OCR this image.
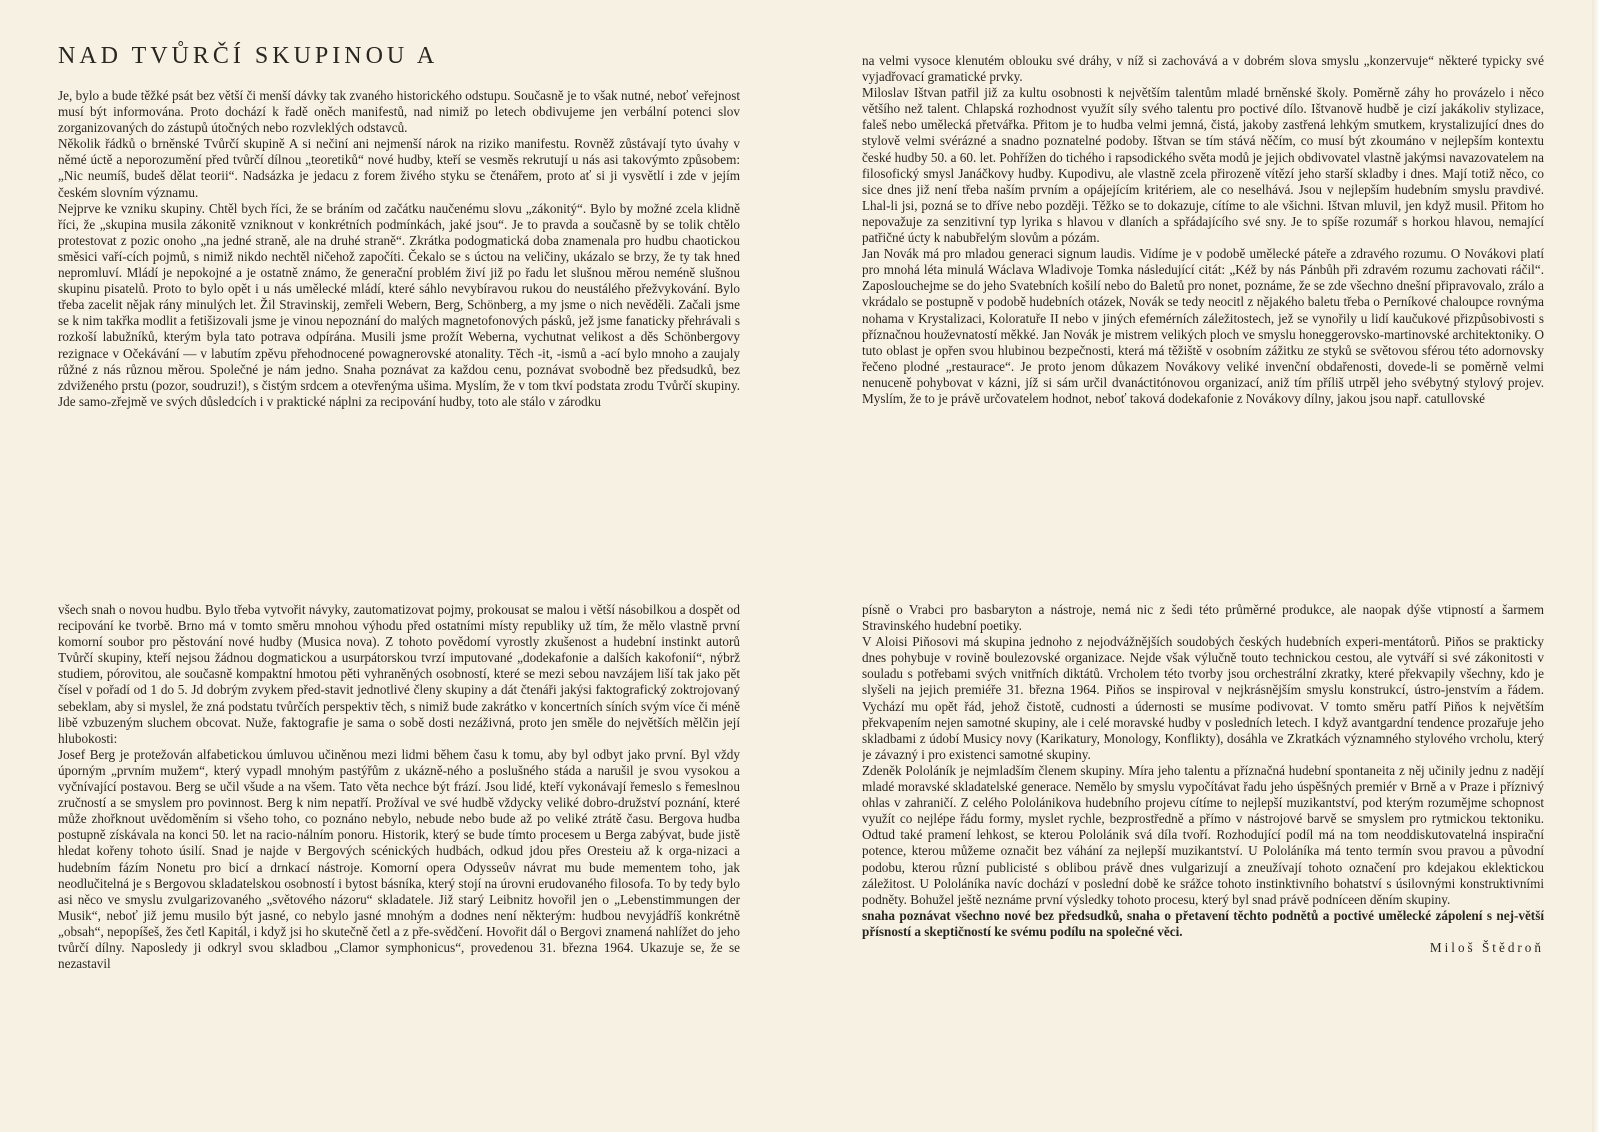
NAD TVŮRČÍ SKUPINOU A

Je, bylo a bude těžké psát bez větší či menší dávky tak zvaného historického odstupu. Současně je to však nutné, neboť veřejnost musí být informována. Proto dochází k řadě oněch manifestů, nad nimiž po letech obdivujeme jen verbální potenci slov zorganizovaných do zástupů útočných nebo rozvleklých odstavců.

Několik řádků o brněnské Tvůrčí skupině A si nečiní ani nejmenší nárok na riziko manifestu. Rovněž zůstávají tyto úvahy v němé úctě a neporozumění před tvůrčí dílnou „teoretiků“ nové hudby, kteří se vesměs rekrutují u nás asi takovýmto způsobem: „Nic neumíš, budeš dělat teorii“. Nadsázka je jedacu z forem živého styku se čtenářem, proto ať si ji vysvětlí i zde v jejím českém slovním významu.

Nejprve ke vzniku skupiny. Chtěl bych říci, že se bráním od začátku naučenému slovu „zákonitý“. Bylo by možné zcela klidně říci, že „skupina musila zákonitě vzniknout v konkrétních podmínkách, jaké jsou“. Je to pravda a současně by se tolik chtělo protestovat z pozic onoho „na jedné straně, ale na druhé straně“. Zkrátka podogmatická doba znamenala pro hudbu chaotickou směsici vaří-cích pojmů, s nimiž nikdo nechtěl ničehož započíti. Čekalo se s úctou na veličiny, ukázalo se brzy, že ty tak hned nepromluví. Mládí je nepokojné a je ostatně známo, že generační problém živí již po řadu let slušnou měrou neméně slušnou skupinu pisatelů. Proto to bylo opět i u nás umělecké mládí, které sáhlo nevybíravou rukou do neustálého přežvykování. Bylo třeba zacelit nějak rány minulých let. Žil Stravinskij, zemřeli Webern, Berg, Schönberg, a my jsme o nich nevěděli. Začali jsme se k nim takřka modlit a fetišizovali jsme je vinou nepoznání do malých magnetofonových pásků, jež jsme fanaticky přehrávali s rozkoší labužníků, kterým byla tato potrava odpírána. Musili jsme prožít Weberna, vychutnat velikost a děs Schönbergovy rezignace v Očekávání — v labutím zpěvu přehodnocené powagnerovské atonality. Těch -it, -ismů a -ací bylo mnoho a zaujaly růžné z nás různou měrou. Společné je nám jedno. Snaha poznávat za každou cenu, poznávat svobodně bez předsudků, bez zdviženého prstu (pozor, soudruzi!), s čistým srdcem a otevřenýma ušima. Myslím, že v tom tkví podstata zrodu Tvůrčí skupiny. Jde samo-zřejmě ve svých důsledcích i v praktické náplni za recipování hudby, toto ale stálo v zárodku

na velmi vysoce klenutém oblouku své dráhy, v níž si zachovává a v dobrém slova smyslu „konzervuje“ některé typicky své vyjadřovací gramatické prvky.

Miloslav Ištvan patřil již za kultu osobnosti k největším talentům mladé brněnské školy. Poměrně záhy ho provázelo i něco většího než talent. Chlapská rozhodnost využít síly svého talentu pro poctivé dílo. Ištvanově hudbě je cizí jakákoliv stylizace, faleš nebo umělecká přetvářka. Přitom je to hudba velmi jemná, čistá, jakoby zastřená lehkým smutkem, krystalizující dnes do stylově velmi svérázné a snadno poznatelné podoby. Ištvan se tím stává něčím, co musí být zkoumáno v nejlepším kontextu české hudby 50. a 60. let. Pohřížen do tichého i rapsodického světa modů je jejich obdivovatel vlastně jakýmsi navazovatelem na filosofický smysl Janáčkovy hudby. Kupodivu, ale vlastně zcela přirozeně vítězí jeho starší skladby i dnes. Mají totiž něco, co sice dnes již není třeba naším prvním a opájejícím kritériem, ale co neselhává. Jsou v nejlepším hudebním smyslu pravdivé. Lhal-li jsi, pozná se to dříve nebo později. Těžko se to dokazuje, cítíme to ale všichni. Ištvan mluvil, jen když musil. Přitom ho nepovažuje za senzitivní typ lyrika s hlavou v dlaních a spřádajícího své sny. Je to spíše rozumář s horkou hlavou, nemající patřičné úcty k nabubřelým slovům a pózám.

Jan Novák má pro mladou generaci signum laudis. Vidíme je v podobě umělecké páteře a zdravého rozumu. O Novákovi platí pro mnohá léta minulá Wáclava Wladivoje Tomka následující citát: „Kéž by nás Pánbůh při zdravém rozumu zachovati ráčil“. Zaposlouchejme se do jeho Svatebních košilí nebo do Baletů pro nonet, poznáme, že se zde všechno dnešní připravovalo, zrálo a vkrádalo se postupně v podobě hudebních otázek, Novák se tedy neocitl z nějakého baletu třeba o Perníkové chaloupce rovnýma nohama v Krystalizaci, Koloratuře II nebo v jiných efemérních záležitostech, jež se vynořily u lidí kaučukové přizpůsobivosti s příznačnou houževnatostí měkké. Jan Novák je mistrem velikých ploch ve smyslu honeggerovsko-martinovské architektoniky. O tuto oblast je opřen svou hlubinou bezpečnosti, která má těžiště v osobním zážitku ze styků se světovou sférou této adornovsky řečeno plodné „restaurace“. Je proto jenom důkazem Novákovy veliké invenční obdařenosti, dovede-li se poměrně velmi nenuceně pohybovat v kázni, jíž si sám určil dvanáctitónovou organizací, aniž tím příliš utrpěl jeho svébytný stylový projev. Myslím, že to je právě určovatelem hodnot, neboť taková dodekafonie z Novákovy dílny, jakou jsou např. catullovské

všech snah o novou hudbu. Bylo třeba vytvořit návyky, zautomatizovat pojmy, prokousat se malou i větší násobilkou a dospět od recipování ke tvorbě. Brno má v tomto směru mnohou výhodu před ostatními místy republiky už tím, že mělo vlastně první komorní soubor pro pěstování nové hudby (Musica nova). Z tohoto povědomí vyrostly zkušenost a hudební instinkt autorů Tvůrčí skupiny, kteří nejsou žádnou dogmatickou a usurpátorskou tvrzí imputované „dodekafonie a dalších kakofonií“, nýbrž studiem, pórovitou, ale současně kompaktní hmotou pěti vyhraněných osobností, které se mezi sebou navzájem liší tak jako pět čísel v pořadí od 1 do 5. Jd dobrým zvykem před-stavit jednotlivé členy skupiny a dát čtenáři jakýsi faktografický zoktrojovaný sebeklam, aby si myslel, že zná podstatu tvůrčích perspektiv těch, s nimiž bude zakrátko v koncertních síních svým více či méně libě vzbuzeným sluchem obcovat. Nuže, faktografie je sama o sobě dosti nezáživná, proto jen směle do největších mělčin její hlubokosti:

Josef Berg je protežován alfabetickou úmluvou učiněnou mezi lidmi během času k tomu, aby byl odbyt jako první. Byl vždy úporným „prvním mužem“, který vypadl mnohým pastýřům z ukázně-ného a poslušného stáda a narušil je svou vysokou a vyčnívající postavou. Berg se učil všude a na všem. Tato věta nechce být frází. Jsou lidé, kteří vykonávají řemeslo s řemeslnou zručností a se smyslem pro povinnost. Berg k nim nepatří. Prožíval ve své hudbě vždycky veliké dobro-družství poznání, které může zhořknout uvědoměním si všeho toho, co poznáno nebylo, nebude nebo bude až po veliké ztrátě času. Bergova hudba postupně získávala na konci 50. let na racio-nálním ponoru. Historik, který se bude tímto procesem u Berga zabývat, bude jistě hledat kořeny tohoto úsilí. Snad je najde v Bergových scénických hudbách, odkud jdou přes Oresteiu až k orga-nizaci a hudebním fázím Nonetu pro bicí a drnkací nástroje. Komorní opera Odysseův návrat mu bude mementem toho, jak neodlučitelná je s Bergovou skladatelskou osobností i bytost básníka, který stojí na úrovni erudovaného filosofa. To by tedy bylo asi něco ve smyslu zvulgarizovaného „světového názoru“ skladatele. Již starý Leibnitz hovořil jen o „Lebenstimmungen der Musik“, neboť již jemu musilo být jasné, co nebylo jasné mnohým a dodnes není některým: hudbou nevyjádříš konkrétně „obsah“, nepopíšeš, žes četl Kapitál, i když jsi ho skutečně četl a z pře-svědčení. Hovořit dál o Bergovi znamená nahlížet do jeho tvůrčí dílny. Naposledy ji odkryl svou skladbou „Clamor symphonicus“, provedenou 31. března 1964. Ukazuje se, že se nezastavil

písně o Vrabci pro basbaryton a nástroje, nemá nic z šedi této průměrné produkce, ale naopak dýše vtipností a šarmem Stravinského hudební poetiky.

V Aloisi Piňosovi má skupina jednoho z nejodvážnějších soudobých českých hudebních experi-mentátorů. Piňos se prakticky dnes pohybuje v rovině boulezovské organizace. Nejde však výlučně touto technickou cestou, ale vytváří si své zákonitosti v souladu s potřebami svých vnitřních diktátů. Vrcholem této tvorby jsou orchestrální zkratky, které překvapily všechny, kdo je slyšeli na jejich premiéře 31. března 1964. Piňos se inspiroval v nejkrásnějším smyslu konstrukcí, ústro-jenstvím a řádem. Vychází mu opět řád, jehož čistotě, cudnosti a údernosti se musíme podivovat. V tomto směru patří Piňos k největším překvapením nejen samotné skupiny, ale i celé moravské hudby v posledních letech. I když avantgardní tendence prozařuje jeho skladbami z údobí Musicy novy (Karikatury, Monology, Konflikty), dosáhla ve Zkratkách významného stylového vrcholu, který je závazný i pro existenci samotné skupiny.

Zdeněk Pololáník je nejmladším členem skupiny. Míra jeho talentu a příznačná hudební spontaneita z něj učinily jednu z nadějí mladé moravské skladatelské generace. Nemělo by smyslu vypočítávat řadu jeho úspěšných premiér v Brně a v Praze i příznivý ohlas v zahraničí. Z celého Pololánikova hudebního projevu cítíme to nejlepší muzikantství, pod kterým rozumějme schopnost využít co nejlépe řádu formy, myslet rychle, bezprostředně a přímo v nástrojové barvě se smyslem pro rytmickou tektoniku. Odtud také pramení lehkost, se kterou Pololánik svá díla tvoří. Rozhodující podíl má na tom neoddiskutovatelná inspirační potence, kterou můžeme označit bez váhání za nejlepší muzikantství. U Pololáníka má tento termín svou pravou a původní podobu, kterou různí publicisté s oblibou právě dnes vulgarizují a zneužívají tohoto označení pro kdejakou eklektickou záležitost. U Pololáníka navíc dochází v poslední době ke srážce tohoto instinktivního bohatství s úsilovnými konstruktivními podněty. Bohužel ještě neznáme první výsledky tohoto procesu, který byl snad právě podníceen děním skupiny.

snaha poznávat všechno nové bez předsudků, snaha o přetavení těchto podnětů a poctivé umělecké zápolení s nej-větší přísností a skeptičností ke svému podílu na společné věci.

Miloš Štědroň
